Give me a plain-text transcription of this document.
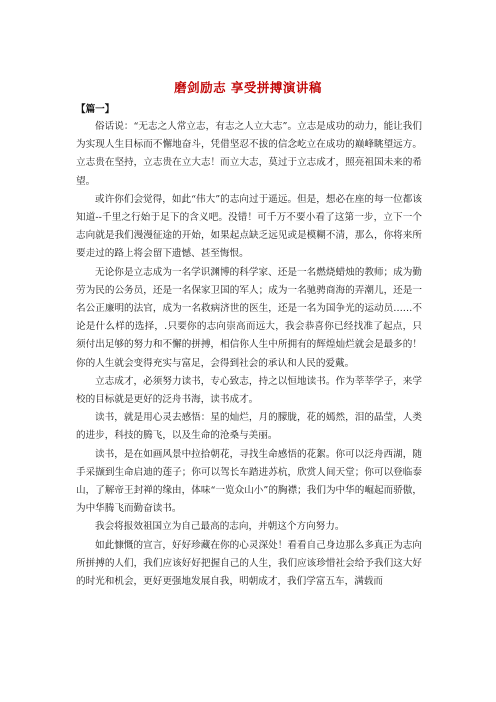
磨剑励志 享受拼搏演讲稿
【篇一】

俗话说：“无志之人常立志，有志之人立大志”。立志是成功的动力，能让我们为实现人生目标而不懈地奋斗，凭借坚忍不拔的信念屹立在成功的巅峰眺望远方。立志贵在坚持，立志贵在立大志！而立大志，莫过于立志成才，照亮祖国未来的希望。

或许你们会觉得，如此“伟大”的志向过于遥远。但是，想必在座的每一位都该知道--千里之行始于足下的含义吧。没错！可千万不要小看了这第一步，立下一个志向就是我们漫漫征途的开始，如果起点缺乏远见或是模糊不清，那么，你将来所要走过的路上将会留下遗憾、甚至悔恨。

无论你是立志成为一名学识渊博的科学家、还是一名燃烧蜡烛的教师；成为勤劳为民的公务员，还是一名保家卫国的军人；成为一名驰骋商海的弄潮儿，还是一名公正廉明的法官，成为一名救病济世的医生，还是一名为国争光的运动员……不论是什么样的选择，.只要你的志向崇高而远大，我会恭喜你已经找准了起点，只须付出足够的努力和不懈的拼搏，相信你人生中所拥有的辉煌灿烂就会是最多的！你的人生就会变得充实与富足，会得到社会的承认和人民的爱戴。

立志成才，必须努力读书，专心致志，持之以恒地读书。作为莘莘学子，来学校的目标就是更好的泛舟书海，读书成才。

读书，就是用心灵去感悟：星的灿烂，月的朦胧，花的嫣然，泪的晶莹，人类的进步，科技的腾飞，以及生命的沧桑与美丽。

读书，是在如画风景中拉拾朝花，寻找生命感悟的花絮。你可以泛舟西湖，随手采撷到生命启迪的莲子；你可以驾长车踏进苏杭，欣赏人间天堂；你可以登临泰山，了解帝王封禅的缘由，体味“一览众山小”的胸襟；我们为中华的崛起而骄傲，为中华腾飞而勤奋读书。

我会将报效祖国立为自己最高的志向，并朝这个方向努力。

如此慷慨的宣言，好好珍藏在你的心灵深处！看看自己身边那么多真正为志向所拼搏的人们，我们应该好好把握自己的人生，我们应该珍惜社会给予我们这大好的时光和机会，更好更强地发展自我，明朝成才，我们学富五车，满载而
